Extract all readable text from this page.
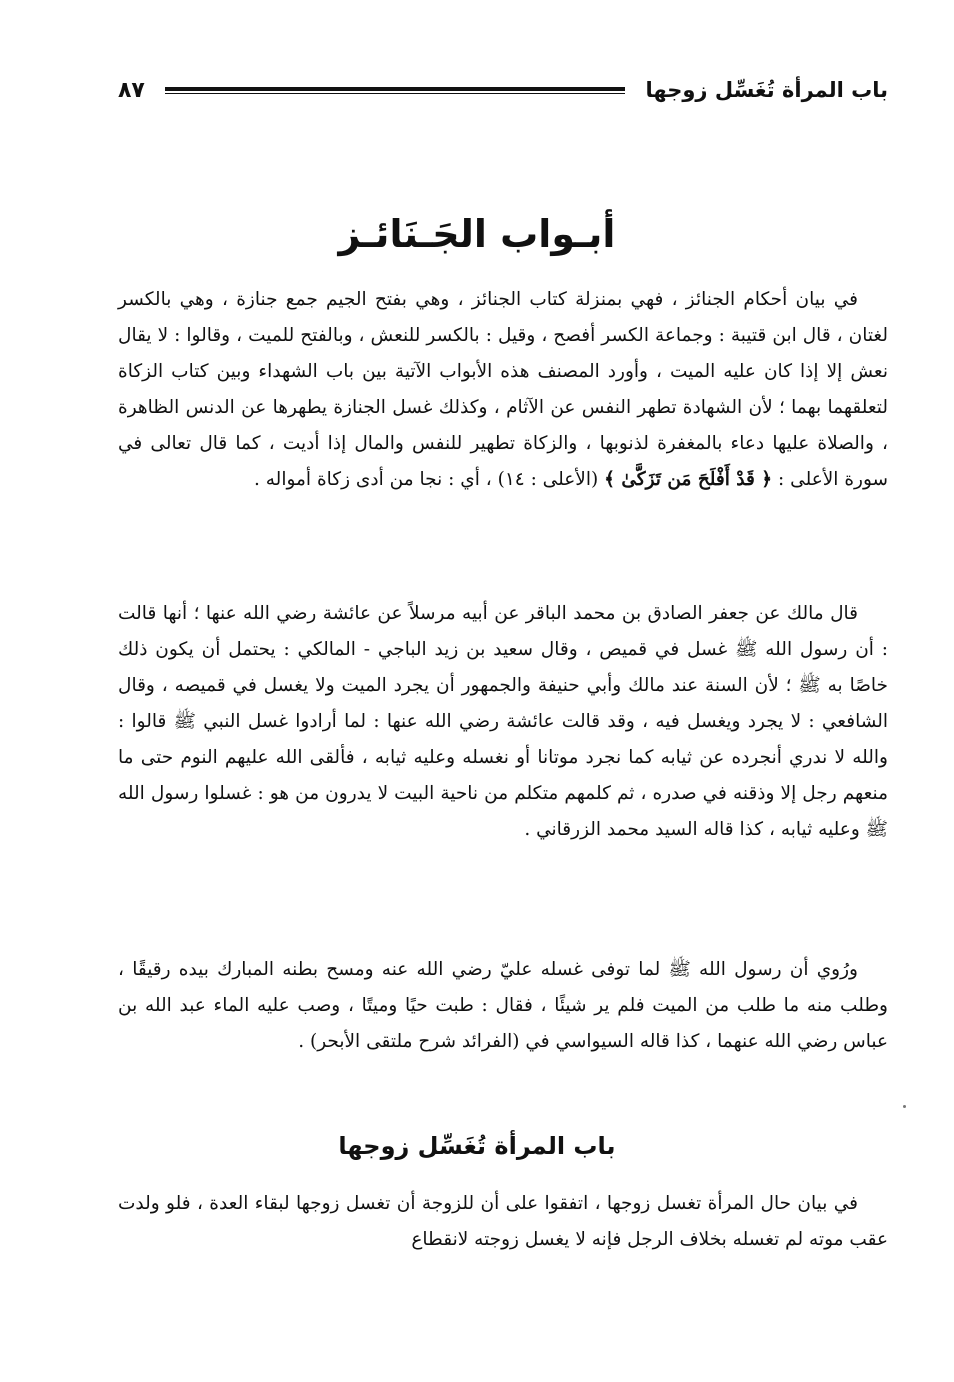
باب المرأة تُغَسِّل زوجها
٨٧
أبـواب الجَـنَائـز
في بيان أحكام الجنائز ، فهي بمنزلة كتاب الجنائز ، وهي بفتح الجيم جمع جنازة ، وهي بالكسر لغتان ، قال ابن قتيبة : وجماعة الكسر أفصح ، وقيل : بالكسر للنعش ، وبالفتح للميت ، وقالوا : لا يقال نعش إلا إذا كان عليه الميت ، وأورد المصنف هذه الأبواب الآتية بين باب الشهداء وبين كتاب الزكاة لتعلقهما بهما ؛ لأن الشهادة تطهر النفس عن الآثام ، وكذلك غسل الجنازة يطهرها عن الدنس الظاهرة ، والصلاة عليها دعاء بالمغفرة لذنوبها ، والزكاة تطهير للنفس والمال إذا أديت ، كما قال تعالى في سورة الأعلى : ﴿ قَدْ أَفْلَحَ مَن تَزَكَّىٰ ﴾ (الأعلى : ١٤) ، أي : نجا من أدى زكاة أمواله .
قال مالك عن جعفر الصادق بن محمد الباقر عن أبيه مرسلاً عن عائشة رضي الله عنها ؛ أنها قالت : أن رسول الله ﷺ غسل في قميص ، وقال سعيد بن زيد الباجي - المالكي : يحتمل أن يكون ذلك خاصًا به ﷺ ؛ لأن السنة عند مالك وأبي حنيفة والجمهور أن يجرد الميت ولا يغسل في قميصه ، وقال الشافعي : لا يجرد ويغسل فيه ، وقد قالت عائشة رضي الله عنها : لما أرادوا غسل النبي ﷺ قالوا : والله لا ندري أنجرده عن ثيابه كما نجرد موتانا أو نغسله وعليه ثيابه ، فألقى الله عليهم النوم حتى ما منعهم رجل إلا وذقنه في صدره ، ثم كلمهم متكلم من ناحية البيت لا يدرون من هو : غسلوا رسول الله ﷺ وعليه ثيابه ، كذا قاله السيد محمد الزرقاني .
ورُوي أن رسول الله ﷺ لما توفى غسله عليّ رضي الله عنه ومسح بطنه المبارك بيده رقيقًا ، وطلب منه ما طلب من الميت فلم ير شيئًا ، فقال : طبت حيًا وميتًا ، وصب عليه الماء عبد الله بن عباس رضي الله عنهما ، كذا قاله السيواسي في (الفرائد شرح ملتقى الأبحر) .
باب المرأة تُغَسِّل زوجها
في بيان حال المرأة تغسل زوجها ، اتفقوا على أن للزوجة أن تغسل زوجها لبقاء العدة ، فلو ولدت عقب موته لم تغسله بخلاف الرجل فإنه لا يغسل زوجته لانقطاع
